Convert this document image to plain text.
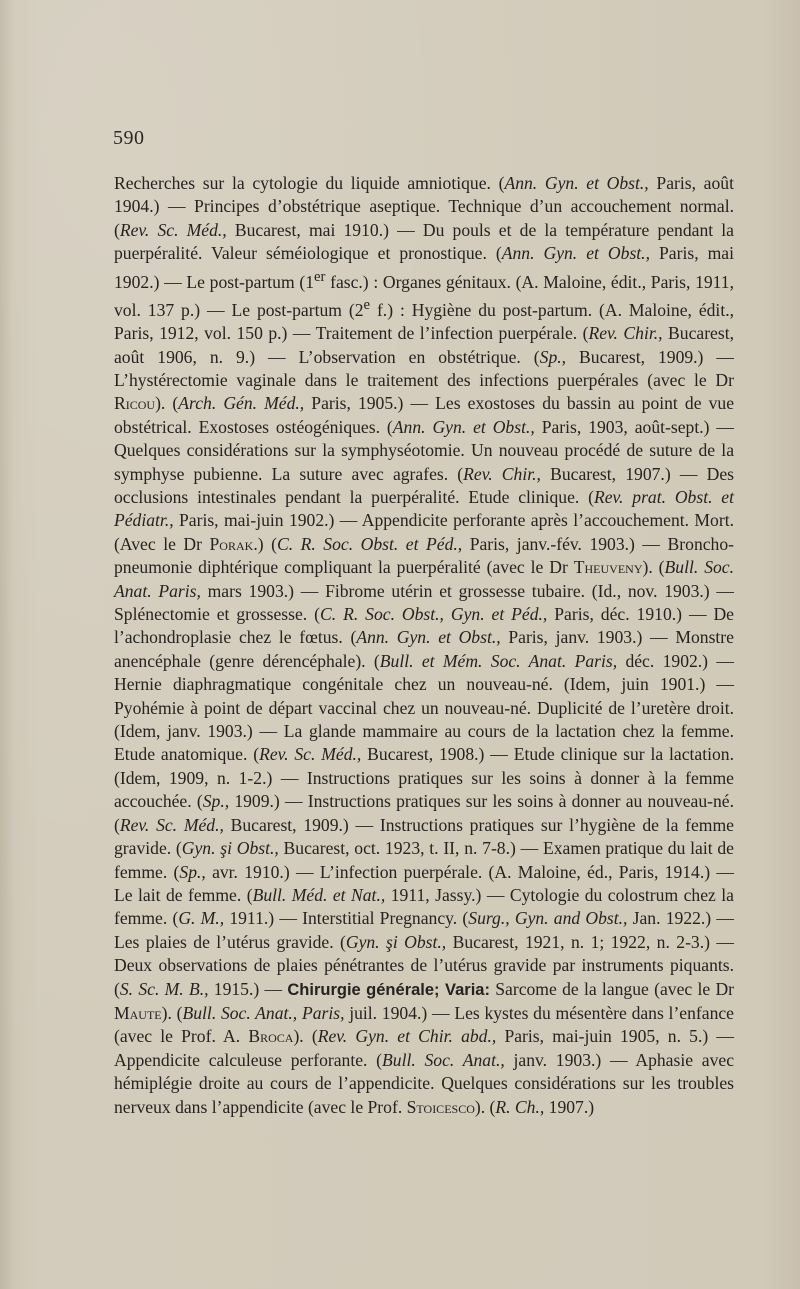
590

Recherches sur la cytologie du liquide amniotique. (Ann. Gyn. et Obst., Paris, août 1904.) — Principes d’obstétrique aseptique. Technique d’un accouchement normal. (Rev. Sc. Méd., Bucarest, mai 1910.) — Du pouls et de la température pendant la puerpéralité. Valeur séméiologique et pronostique. (Ann. Gyn. et Obst., Paris, mai 1902.) — Le post-partum (1er fasc.) : Organes génitaux. (A. Maloine, édit., Paris, 1911, vol. 137 p.) — Le post-partum (2e f.) : Hygiène du post-partum. (A. Maloine, édit., Paris, 1912, vol. 150 p.) — Traitement de l’infection puerpérale. (Rev. Chir., Bucarest, août 1906, n. 9.) — L’observation en obstétrique. (Sp., Bucarest, 1909.) — L’hystérectomie vaginale dans le traitement des infections puerpérales (avec le Dr Ricou). (Arch. Gén. Méd., Paris, 1905.) — Les exostoses du bassin au point de vue obstétrical. Exostoses ostéogéniques. (Ann. Gyn. et Obst., Paris, 1903, août-sept.) — Quelques considérations sur la symphyséotomie. Un nouveau procédé de suture de la symphyse pubienne. La suture avec agrafes. (Rev. Chir., Bucarest, 1907.) — Des occlusions intestinales pendant la puerpéralité. Etude clinique. (Rev. prat. Obst. et Pédiatr., Paris, mai-juin 1902.) — Appendicite perforante après l’accouchement. Mort. (Avec le Dr Porak.) (C. R. Soc. Obst. et Péd., Paris, janv.-fév. 1903.) — Broncho-pneumonie diphtérique compliquant la puerpéralité (avec le Dr Theuveny). (Bull. Soc. Anat. Paris, mars 1903.) — Fibrome utérin et grossesse tubaire. (Id., nov. 1903.) — Splénectomie et grossesse. (C. R. Soc. Obst., Gyn. et Péd., Paris, déc. 1910.) — De l’achondroplasie chez le fœtus. (Ann. Gyn. et Obst., Paris, janv. 1903.) — Monstre anencéphale (genre dérencéphale). (Bull. et Mém. Soc. Anat. Paris, déc. 1902.) — Hernie diaphragmatique congénitale chez un nouveau-né. (Idem, juin 1901.) — Pyohémie à point de départ vaccinal chez un nouveau-né. Duplicité de l’uretère droit. (Idem, janv. 1903.) — La glande mammaire au cours de la lactation chez la femme. Etude anatomique. (Rev. Sc. Méd., Bucarest, 1908.) — Etude clinique sur la lactation. (Idem, 1909, n. 1-2.) — Instructions pratiques sur les soins à donner à la femme accouchée. (Sp., 1909.) — Instructions pratiques sur les soins à donner au nouveau-né. (Rev. Sc. Méd., Bucarest, 1909.) — Instructions pratiques sur l’hygiène de la femme gravide. (Gyn. şi Obst., Bucarest, oct. 1923, t. II, n. 7-8.) — Examen pratique du lait de femme. (Sp., avr. 1910.) — L’infection puerpérale. (A. Maloine, éd., Paris, 1914.) — Le lait de femme. (Bull. Méd. et Nat., 1911, Jassy.) — Cytologie du colostrum chez la femme. (G. M., 1911.) — Interstitial Pregnancy. (Surg., Gyn. and Obst., Jan. 1922.) — Les plaies de l’utérus gravide. (Gyn. şi Obst., Bucarest, 1921, n. 1; 1922, n. 2-3.) — Deux observations de plaies pénétrantes de l’utérus gravide par instruments piquants. (S. Sc. M. B., 1915.) — Chirurgie générale; Varia: Sarcome de la langue (avec le Dr Maute). (Bull. Soc. Anat., Paris, juil. 1904.) — Les kystes du mésentère dans l’enfance (avec le Prof. A. Broca). (Rev. Gyn. et Chir. abd., Paris, mai-juin 1905, n. 5.) — Appendicite calculeuse perforante. (Bull. Soc. Anat., janv. 1903.) — Aphasie avec hémiplégie droite au cours de l’appendicite. Quelques considérations sur les troubles nerveux dans l’appendicite (avec le Prof. Stoicesco). (R. Ch., 1907.)
